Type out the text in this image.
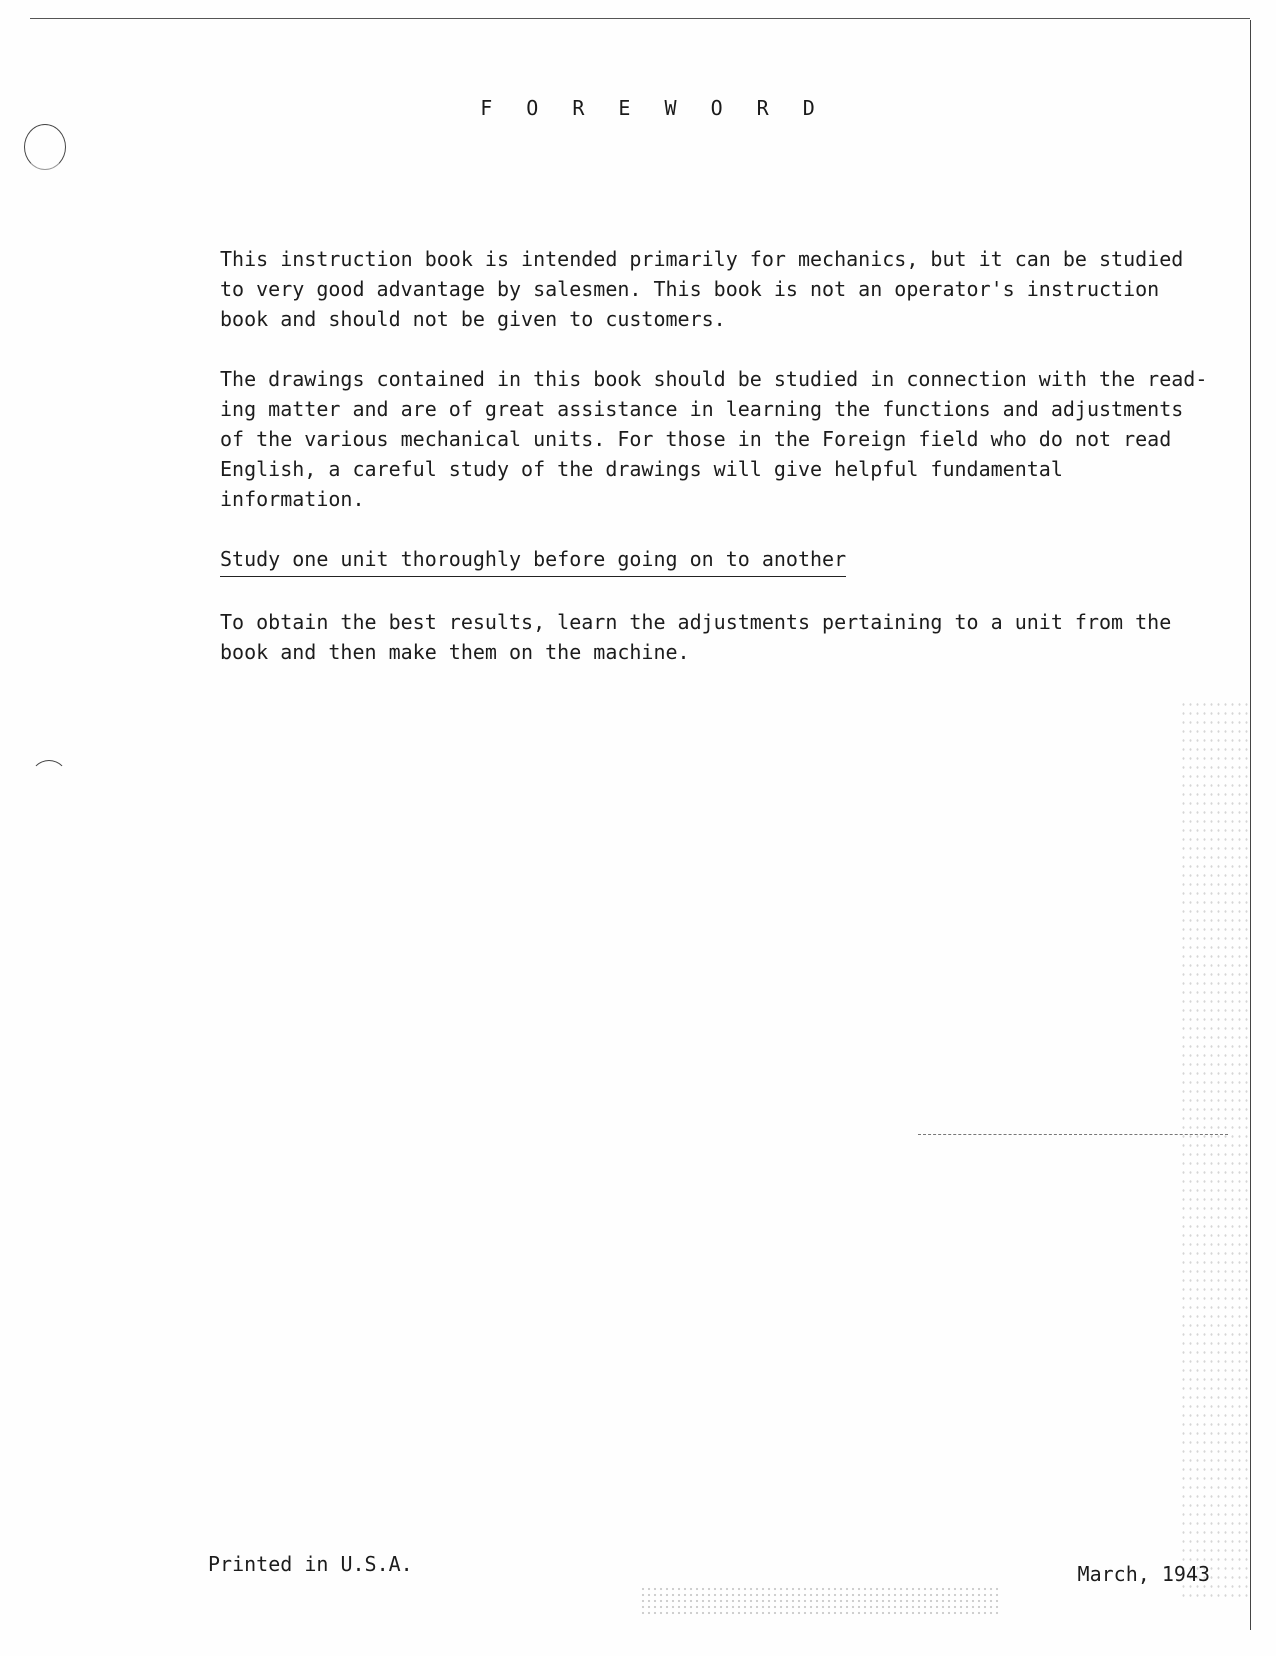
F O R E W O R D

This instruction book is intended primarily for mechanics, but it can be studied
to very good advantage by salesmen. This book is not an operator's instruction
book and should not be given to customers.

The drawings contained in this book should be studied in connection with the read-
ing matter and are of great assistance in learning the functions and adjustments
of the various mechanical units. For those in the Foreign field who do not read
English, a careful study of the drawings will give helpful fundamental information.

Study one unit thoroughly before going on to another

To obtain the best results, learn the adjustments pertaining to a unit from the
book and then make them on the machine.

Printed in U.S.A.	March, 1943
